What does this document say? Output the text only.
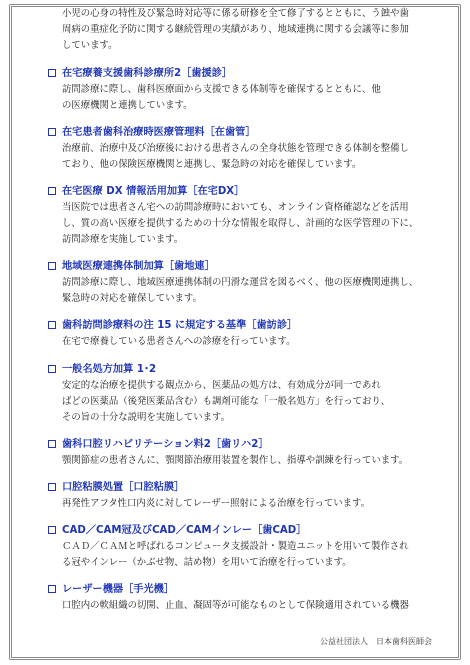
小児の心身の特性及び緊急時対応等に係る研修を全て修了するとともに、う蝕や歯
周病の重症化予防に関する継続管理の実績があり、地域連携に関する会議等に参加
しています。

在宅療養支援歯科診療所2［歯援診］

訪問診療に際し、歯科医療面から支援できる体制等を確保するとともに、他
の医療機関と連携しています。

在宅患者歯科治療時医療管理料［在歯管］

治療前、治療中及び治療後における患者さんの全身状態を管理できる体制を整備し
ており、他の保険医療機関と連携し、緊急時の対応を確保しています。

在宅医療 DX 情報活用加算［在宅DX］

当医院では患者さん宅への訪問診療時においても、オンライン資格確認などを活用
し、質の高い医療を提供するための十分な情報を取得し、計画的な医学管理の下に、
訪問診療を実施しています。

地域医療連携体制加算［歯地連］

訪問診療に際し、地域医療連携体制の円滑な運営を図るべく、他の医療機関連携し、
緊急時の対応を確保しています。

歯科訪問診療料の注 15 に規定する基準［歯訪診］

在宅で療養している患者さんへの診療を行っています。

一般名処方加算 1･2

安定的な治療を提供する観点から、医薬品の処方は、有効成分が同一であれ
ばどの医薬品（後発医薬品含む）も調剤可能な「一般名処方」を行っており、
その旨の十分な説明を実施しています。

歯科口腔リハビリテーション料2［歯リハ2］

顎関節症の患者さんに、顎関節治療用装置を製作し、指導や訓練を行っています。

口腔粘膜処置［口腔粘膜］

再発性アフタ性口内炎に対してレーザー照射による治療を行っています。

CAD／CAM冠及びCAD／CAMインレー［歯CAD］

ＣＡＤ／ＣＡＭと呼ばれるコンピュータ支援設計・製造ユニットを用いて製作され
る冠やインレー（かぶせ物、詰め物）を用いて治療を行っています。

レーザー機器［手光機］

口腔内の軟組織の切開、止血、凝固等が可能なものとして保険適用されている機器

公益社団法人　日本歯科医師会
